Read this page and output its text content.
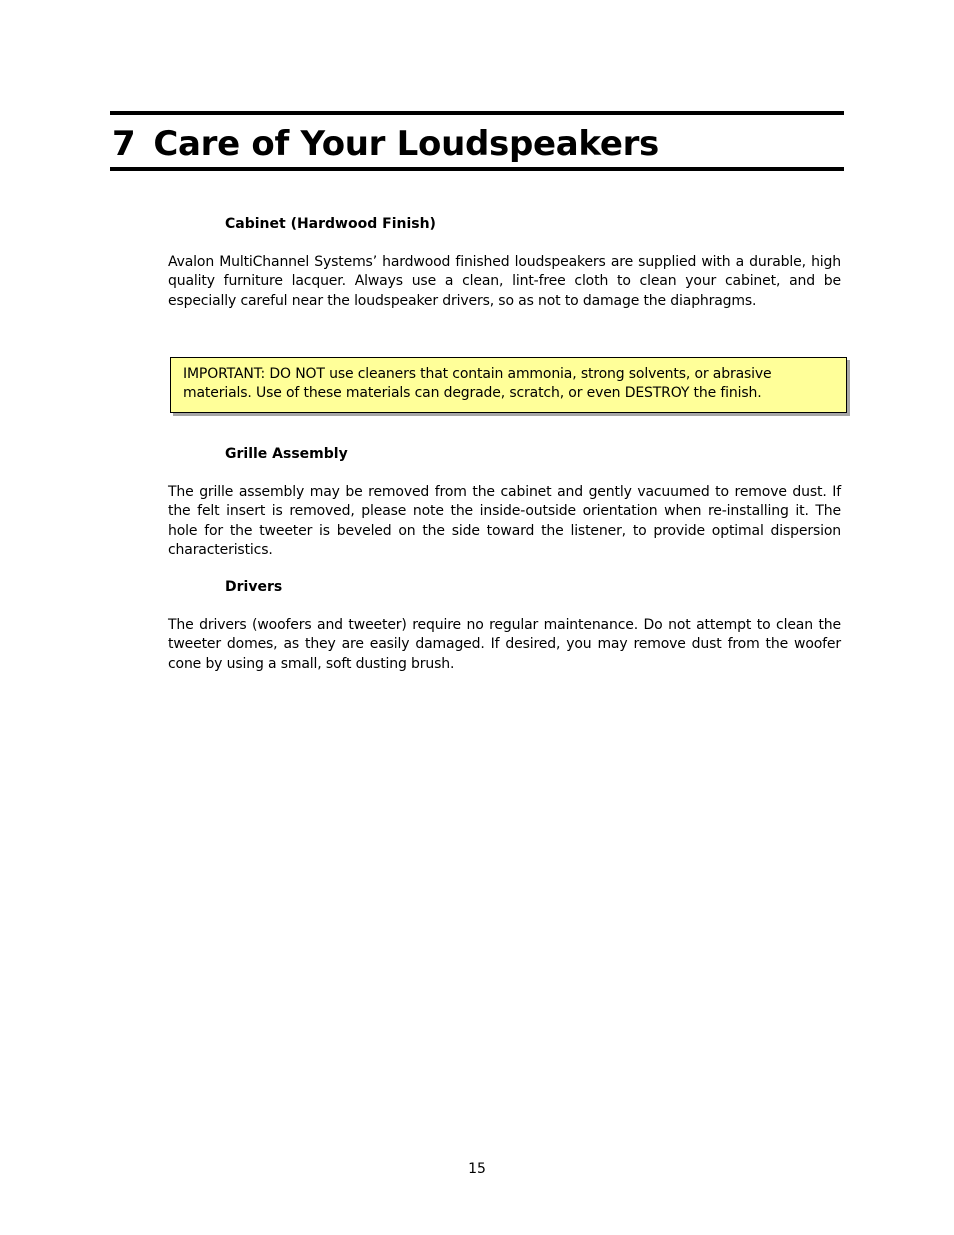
7 Care of Your Loudspeakers
Cabinet (Hardwood Finish)

Avalon MultiChannel Systems’ hardwood finished loudspeakers are supplied with a durable, high quality furniture lacquer. Always use a clean, lint-free cloth to clean your cabinet, and be especially careful near the loudspeaker drivers, so as not to damage the diaphragms.

IMPORTANT: DO NOT use cleaners that contain ammonia, strong solvents, or abrasive materials. Use of these materials can degrade, scratch, or even DESTROY the finish.

Grille Assembly

The grille assembly may be removed from the cabinet and gently vacuumed to remove dust. If the felt insert is removed, please note the inside-outside orientation when re-installing it. The hole for the tweeter is beveled on the side toward the listener, to provide optimal dispersion characteristics.

Drivers

The drivers (woofers and tweeter) require no regular maintenance. Do not attempt to clean the tweeter domes, as they are easily damaged. If desired, you may remove dust from the woofer cone by using a small, soft dusting brush.

15
